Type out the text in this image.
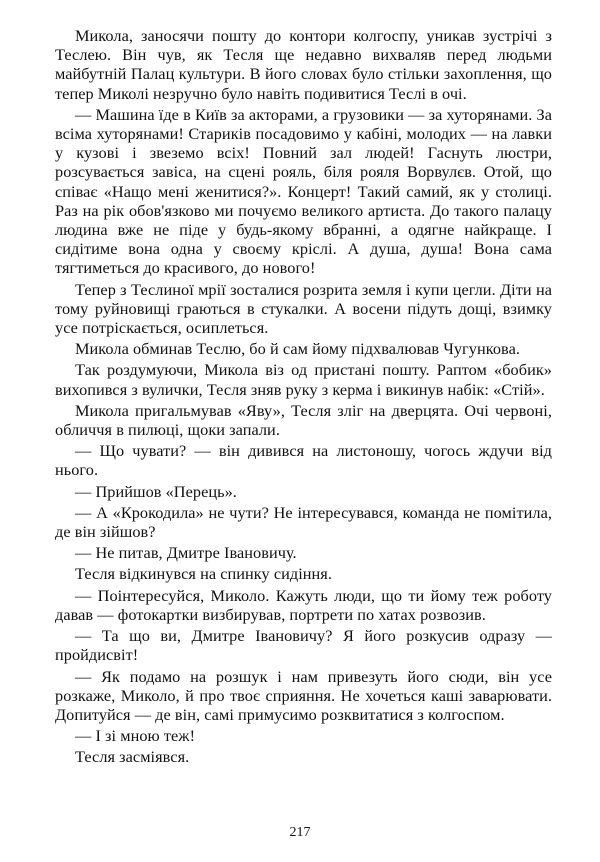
Микола, заносячи пошту до контори колгоспу, уникав зустрічі з Теслею. Він чув, як Тесля ще недавно вихваляв перед людьми майбутній Палац культури. В його словах було стільки захоплення, що тепер Миколі незручно було навіть подивитися Теслі в очі.

— Машина їде в Київ за акторами, а грузовики — за хуторянами. За всіма хуторянами! Стариків посадовимо у кабіні, молодих — на лавки у кузові і звеземо всіх! Повний зал людей! Гаснуть люстри, розсувається завіса, на сцені рояль, біля рояля Ворвулєв. Отой, що співає «Нащо мені женитися?». Концерт! Такий самий, як у столиці. Раз на рік обов'язково ми почуємо великого артиста. До такого палацу людина вже не піде у будь-якому вбранні, а одягне найкраще. І сидітиме вона одна у своєму кріслі. А душа, душа! Вона сама тягтиметься до красивого, до нового!

Тепер з Теслиної мрії зосталися розрита земля і купи цегли. Діти на тому руйновищі граються в стукалки. А восени підуть дощі, взимку усе потріскається, осиплеться.

Микола обминав Теслю, бо й сам йому підхвалював Чугункова.

Так роздумуючи, Микола віз од пристані пошту. Раптом «бобик» вихопився з вулички, Тесля зняв руку з керма і викинув набік: «Стій».

Микола пригальмував «Яву», Тесля зліг на дверцята. Очі червоні, обличчя в пилюці, щоки запали.

— Що чувати? — він дивився на листоношу, чогось ждучи від нього.

— Прийшов «Перець».

— А «Крокодила» не чути? Не інтересувався, команда не помітила, де він зійшов?

— Не питав, Дмитре Івановичу.

Тесля відкинувся на спинку сидіння.

— Поінтересуйся, Миколо. Кажуть люди, що ти йому теж роботу давав — фотокартки визбирував, портрети по хатах розвозив.

— Та що ви, Дмитре Івановичу? Я його розкусив одразу — пройдисвіт!

— Як подамо на розшук і нам привезуть його сюди, він усе розкаже, Миколо, й про твоє сприяння. Не хочеться каші заварювати. Допитуйся — де він, самі примусимо розквитатися з колгоспом.

— І зі мною теж!

Тесля засміявся.

217
